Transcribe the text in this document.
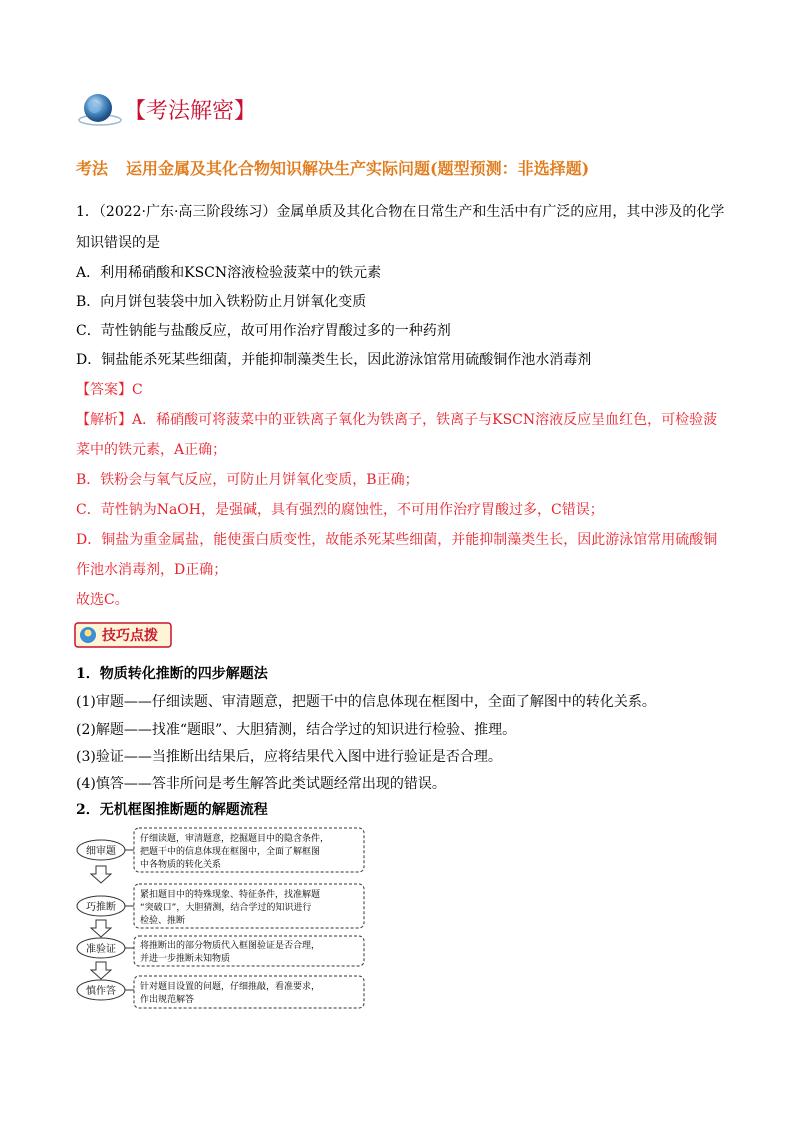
【考法解密】
考法 运用金属及其化合物知识解决生产实际问题(题型预测：非选择题)
1．（2022·广东·高三阶段练习）金属单质及其化合物在日常生产和生活中有广泛的应用，其中涉及的化学
知识错误的是
A．利用稀硝酸和KSCN溶液检验菠菜中的铁元素
B．向月饼包装袋中加入铁粉防止月饼氧化变质
C．苛性钠能与盐酸反应，故可用作治疗胃酸过多的一种药剂
D．铜盐能杀死某些细菌，并能抑制藻类生长，因此游泳馆常用硫酸铜作池水消毒剂
【答案】C
【解析】A．稀硝酸可将菠菜中的亚铁离子氧化为铁离子，铁离子与KSCN溶液反应呈血红色，可检验菠
菜中的铁元素，A正确；
B．铁粉会与氧气反应，可防止月饼氧化变质，B正确；
C．苛性钠为NaOH，是强碱，具有强烈的腐蚀性，不可用作治疗胃酸过多，C错误；
D．铜盐为重金属盐，能使蛋白质变性，故能杀死某些细菌，并能抑制藻类生长，因此游泳馆常用硫酸铜
作池水消毒剂，D正确；
故选C。
技巧点拨
1．物质转化推断的四步解题法
(1)审题——仔细读题、审清题意，把题干中的信息体现在框图中，全面了解图中的转化关系。
(2)解题——找准“题眼”、大胆猜测，结合学过的知识进行检验、推理。
(3)验证——当推断出结果后，应将结果代入图中进行验证是否合理。
(4)慎答——答非所问是考生解答此类试题经常出现的错误。
2．无机框图推断题的解题流程
细审题
仔细读题，审清题意，挖掘题目中的隐含条件，
把题干中的信息体现在框图中，全面了解框图
中各物质的转化关系
巧推断
紧扣题目中的特殊现象、特征条件，找准解题
“突破口”，大胆猜测，结合学过的知识进行
检验、推断
准验证	将推断出的部分物质代入框图验证是否合理，
并进一步推断未知物质
慎作答	针对题目设置的问题，仔细推敲，看准要求，
作出规范解答
